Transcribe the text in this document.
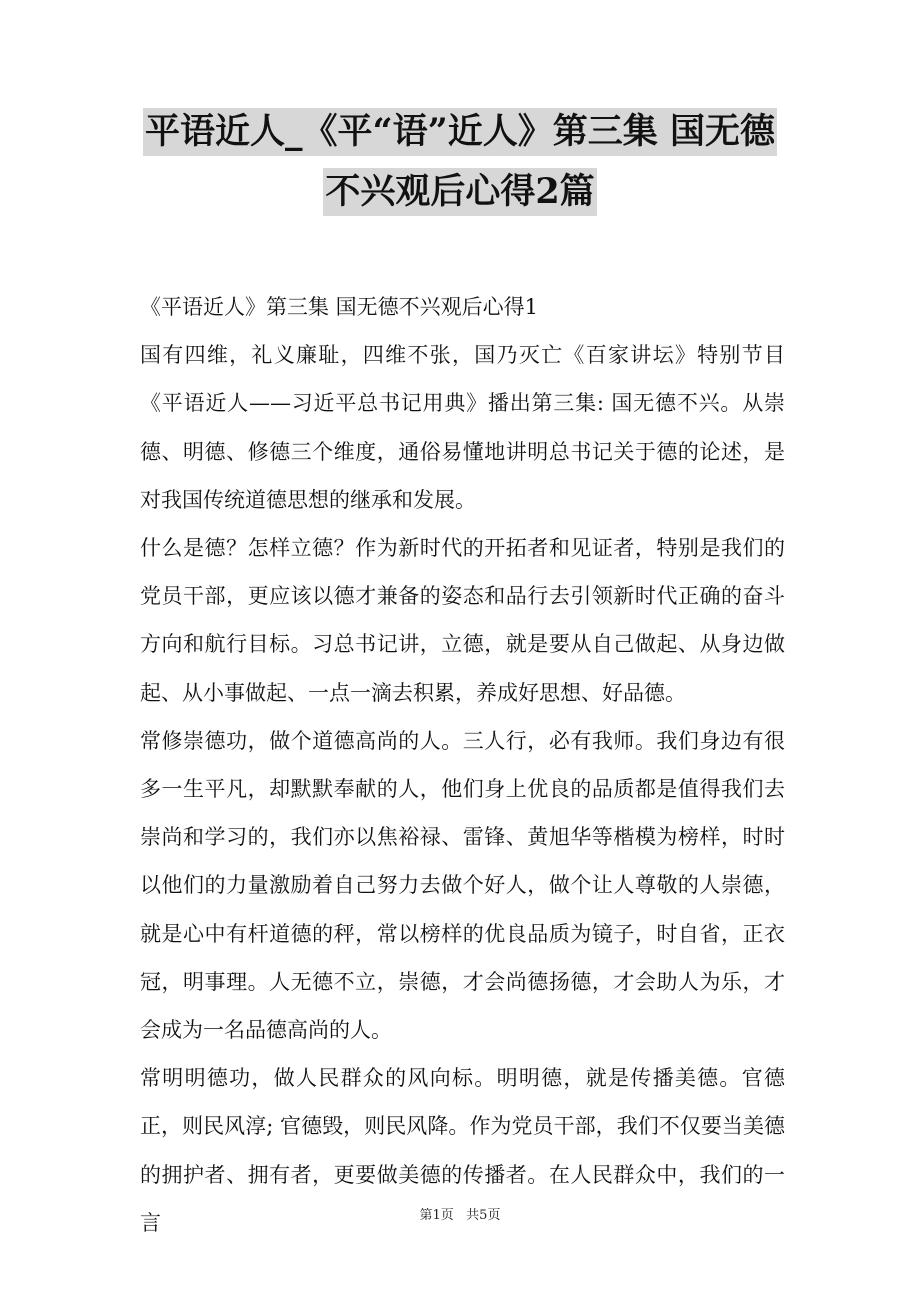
平语近人_《平“语”近人》第三集 国无德
不兴观后心得2篇

《平语近人》第三集 国无德不兴观后心得1

国有四维，礼义廉耻，四维不张，国乃灭亡《百家讲坛》特别节目《平语近人——习近平总书记用典》播出第三集: 国无德不兴。从崇德、明德、修德三个维度，通俗易懂地讲明总书记关于德的论述，是对我国传统道德思想的继承和发展。

什么是德？怎样立德？作为新时代的开拓者和见证者，特别是我们的党员干部，更应该以德才兼备的姿态和品行去引领新时代正确的奋斗方向和航行目标。习总书记讲，立德，就是要从自己做起、从身边做起、从小事做起、一点一滴去积累，养成好思想、好品德。

常修崇德功，做个道德高尚的人。三人行，必有我师。我们身边有很多一生平凡，却默默奉献的人，他们身上优良的品质都是值得我们去崇尚和学习的，我们亦以焦裕禄、雷锋、黄旭华等楷模为榜样，时时以他们的力量激励着自己努力去做个好人，做个让人尊敬的人崇德，就是心中有杆道德的秤，常以榜样的优良品质为镜子，时自省，正衣冠，明事理。人无德不立，崇德，才会尚德扬德，才会助人为乐，才会成为一名品德高尚的人。

常明明德功，做人民群众的风向标。明明德，就是传播美德。官德正，则民风淳; 官德毁，则民风降。作为党员干部，我们不仅要当美德的拥护者、拥有者，更要做美德的传播者。在人民群众中，我们的一言	第1页   共5页
